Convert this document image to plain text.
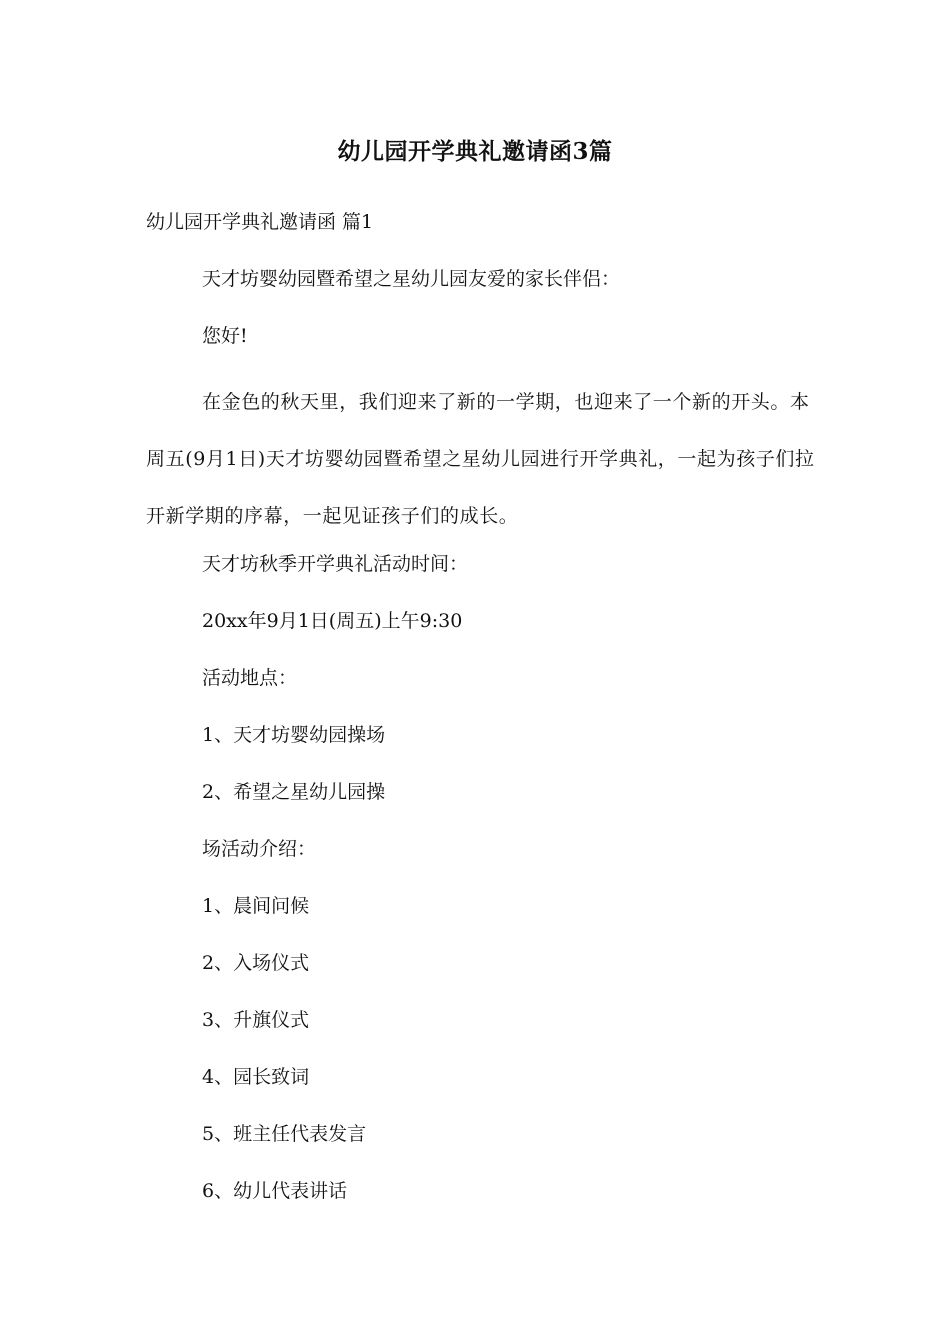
幼儿园开学典礼邀请函3篇

幼儿园开学典礼邀请函 篇1

天才坊婴幼园暨希望之星幼儿园友爱的家长伴侣：

您好!

在金色的秋天里，我们迎来了新的一学期，也迎来了一个新的开头。本周五(9月1日)天才坊婴幼园暨希望之星幼儿园进行开学典礼，一起为孩子们拉开新学期的序幕，一起见证孩子们的成长。

天才坊秋季开学典礼活动时间：

20xx年9月1日(周五)上午9:30

活动地点：

1、天才坊婴幼园操场

2、希望之星幼儿园操

场活动介绍：

1、晨间问候

2、入场仪式

3、升旗仪式

4、园长致词

5、班主任代表发言

6、幼儿代表讲话
